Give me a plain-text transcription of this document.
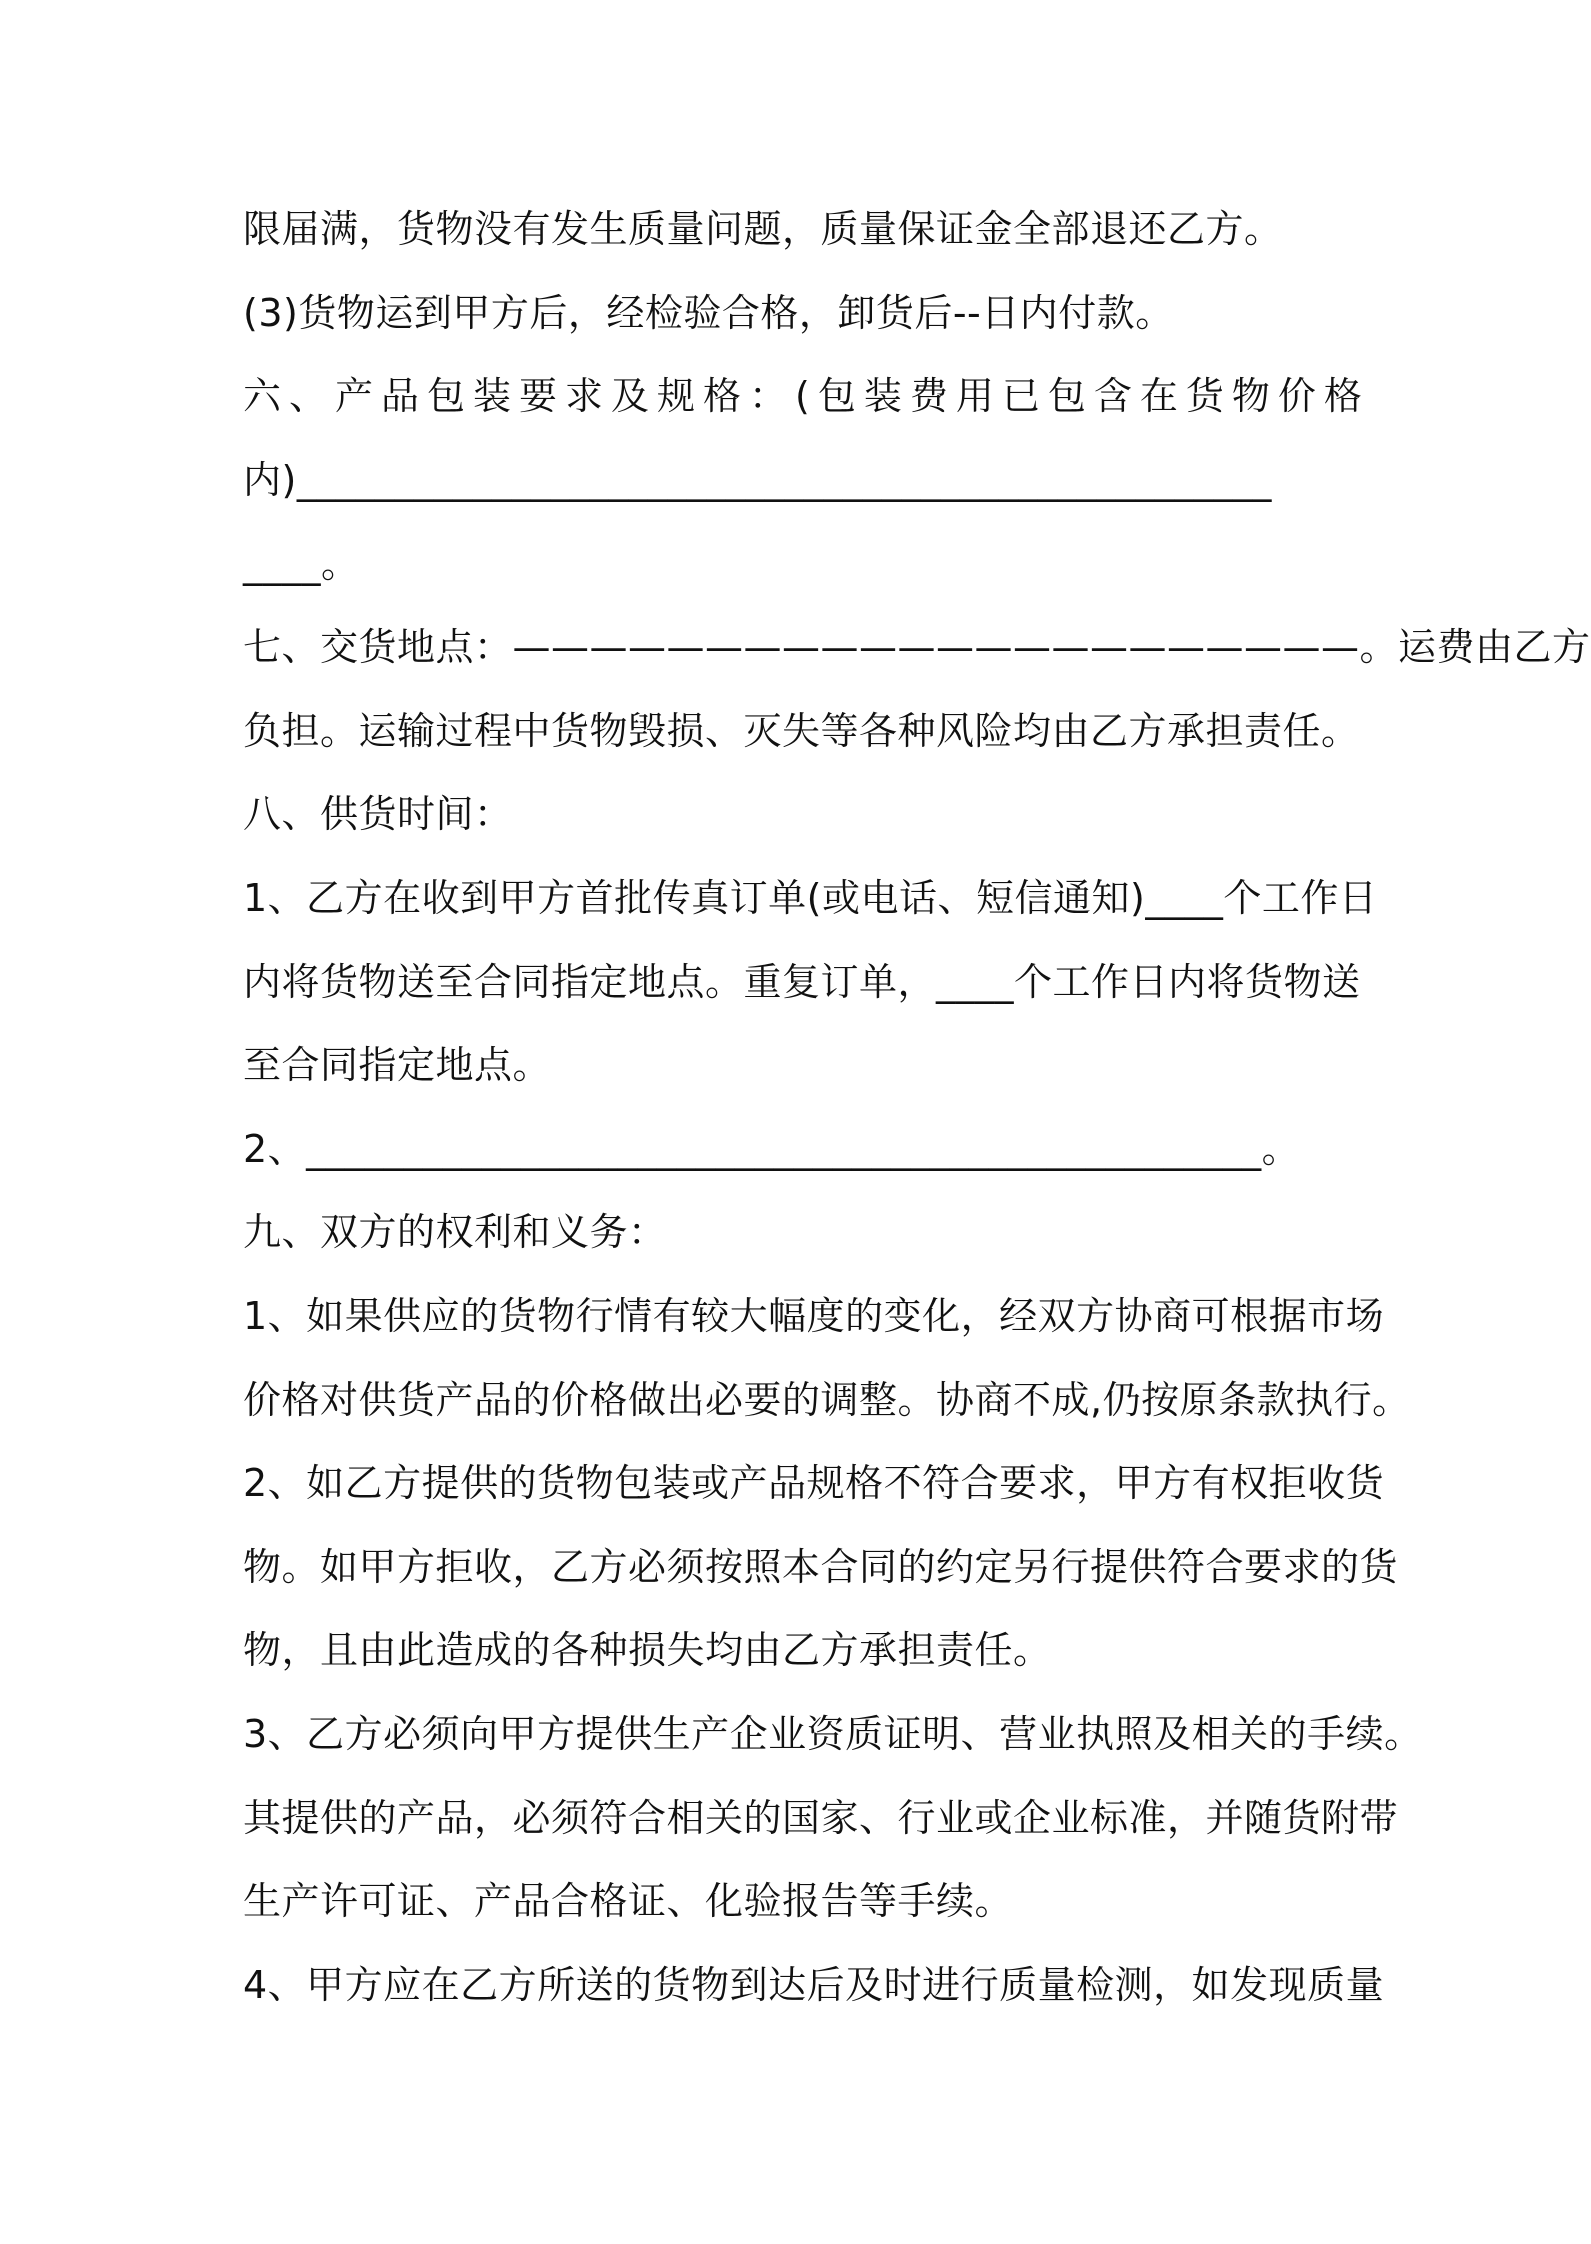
限届满，货物没有发生质量问题，质量保证金全部退还乙方。
(3)货物运到甲方后，经检验合格，卸货后--日内付款。
六、产品包装要求及规格：(包装费用已包含在货物价格
内)__________________________________________________
____。
七、交货地点：——————————————————————。运费由乙方
负担。运输过程中货物毁损、灭失等各种风险均由乙方承担责任。
八、供货时间：
1、乙方在收到甲方首批传真订单(或电话、短信通知)____个工作日
内将货物送至合同指定地点。重复订单，____个工作日内将货物送
至合同指定地点。
2、_________________________________________________。
九、双方的权利和义务：
1、如果供应的货物行情有较大幅度的变化，经双方协商可根据市场
价格对供货产品的价格做出必要的调整。协商不成,仍按原条款执行。
2、如乙方提供的货物包装或产品规格不符合要求，甲方有权拒收货
物。如甲方拒收，乙方必须按照本合同的约定另行提供符合要求的货
物，且由此造成的各种损失均由乙方承担责任。
3、乙方必须向甲方提供生产企业资质证明、营业执照及相关的手续。
其提供的产品，必须符合相关的国家、行业或企业标准，并随货附带
生产许可证、产品合格证、化验报告等手续。
4、甲方应在乙方所送的货物到达后及时进行质量检测，如发现质量
